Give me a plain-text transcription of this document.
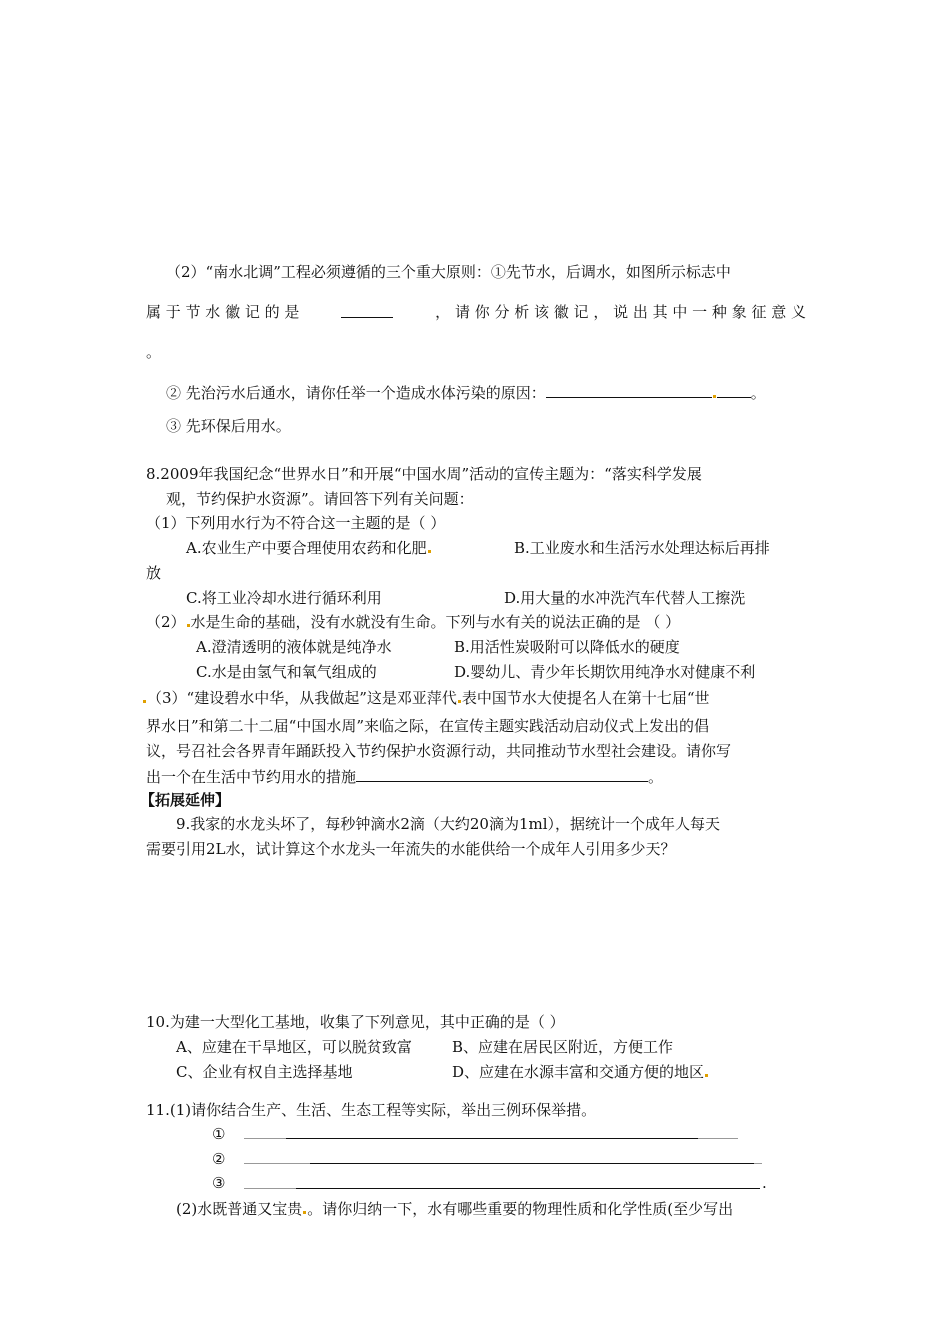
（2）“南水北调”工程必须遵循的三个重大原则：①先节水，后调水，如图所示标志中
属 于 节 水 徽 记 的 是	， 请 你 分 析 该 徽 记 ， 说 出 其 中 一 种 象 征 意 义
。
② 先治污水后通水，请你任举一个造成水体污染的原因：	。
③ 先环保后用水。
8.2009年我国纪念“世界水日”和开展“中国水周”活动的宣传主题为：“落实科学发展
观，节约保护水资源”。请回答下列有关问题：
（1）下列用水行为不符合这一主题的是（ ）
A.农业生产中要合理使用农药和化肥	B.工业废水和生活污水处理达标后再排
放
C.将工业冷却水进行循环利用	D.用大量的水冲洗汽车代替人工擦洗
（2） 水是生命的基础，没有水就没有生命。下列与水有关的说法正确的是 （ ）
A.澄清透明的液体就是纯净水	B.用活性炭吸附可以降低水的硬度
C.水是由氢气和氧气组成的	D.婴幼儿、青少年长期饮用纯净水对健康不利
（3）“建设碧水中华，从我做起”这是邓亚萍代 表中国节水大使提名人在第十七届“世
界水日”和第二十二届“中国水周”来临之际，在宣传主题实践活动启动仪式上发出的倡
议，号召社会各界青年踊跃投入节约保护水资源行动，共同推动节水型社会建设。请你写
出一个在生活中节约用水的措施	。
【拓展延伸】
9.我家的水龙头坏了，每秒钟滴水2滴（大约20滴为1ml），据统计一个成年人每天
需要引用2L水，试计算这个水龙头一年流失的水能供给一个成年人引用多少天？
10.为建一大型化工基地，收集了下列意见，其中正确的是（ ）
A、应建在干旱地区，可以脱贫致富	B、应建在居民区附近，方便工作
C、企业有权自主选择基地	D、应建在水源丰富和交通方便的地区
11.(1)请你结合生产、生活、生态工程等实际，举出三例环保举措。
①
②
③	.
(2)水既普通又宝贵 。请你归纳一下，水有哪些重要的物理性质和化学性质(至少写出
